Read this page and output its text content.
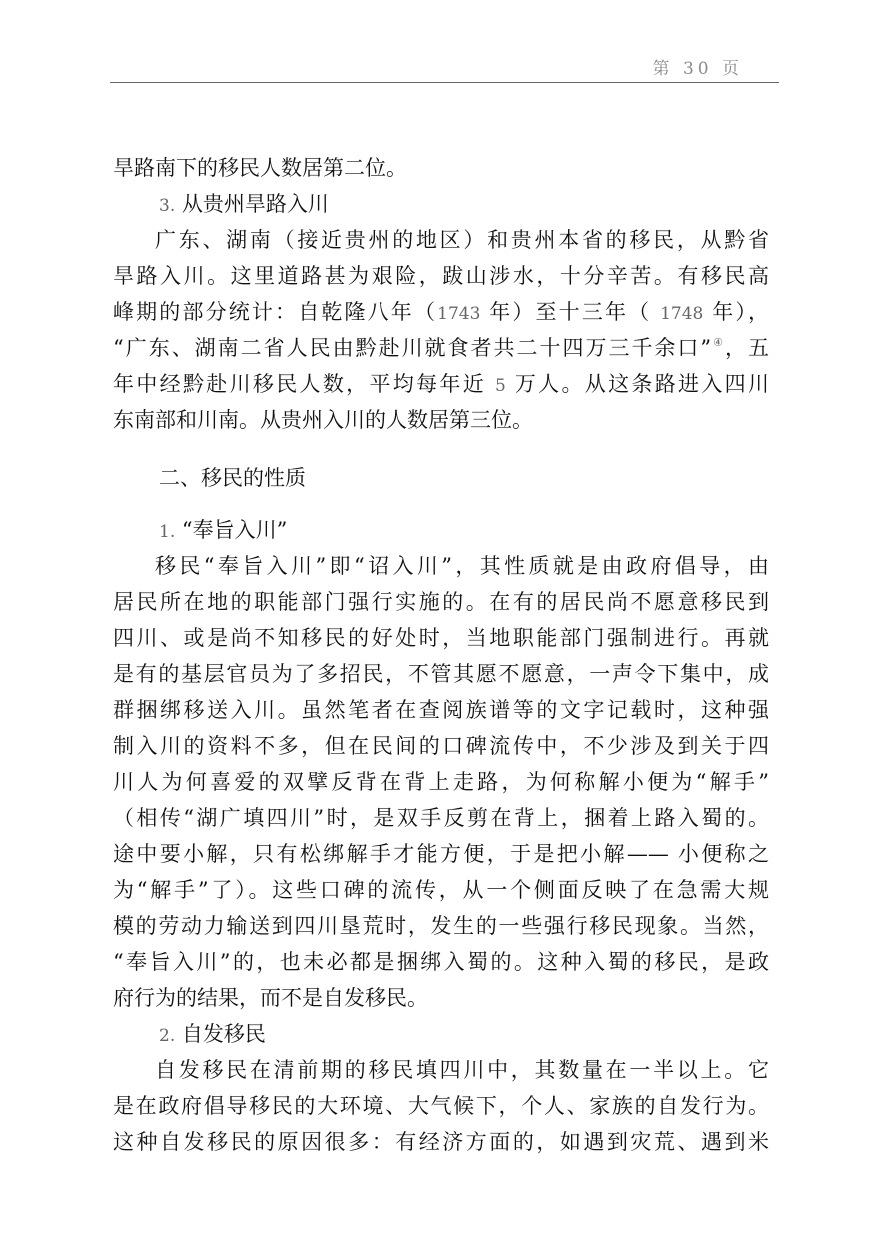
第 30 页
旱路南下的移民人数居第二位。
3. 从贵州旱路入川
广东、湖南（接近贵州的地区）和贵州本省的移民，从黔省
旱路入川。这里道路甚为艰险，跋山涉水，十分辛苦。有移民高
峰期的部分统计：自乾隆八年（1743 年）至十三年（ 1748 年），
“广东、湖南二省人民由黔赴川就食者共二十四万三千余口”④，五
年中经黔赴川移民人数，平均每年近 5 万人。从这条路进入四川
东南部和川南。从贵州入川的人数居第三位。
二、移民的性质
1. “奉旨入川”
移民“奉旨入川”即“诏入川”，其性质就是由政府倡导，由
居民所在地的职能部门强行实施的。在有的居民尚不愿意移民到
四川、或是尚不知移民的好处时，当地职能部门强制进行。再就
是有的基层官员为了多招民，不管其愿不愿意，一声令下集中，成
群捆绑移送入川。虽然笔者在查阅族谱等的文字记载时，这种强
制入川的资料不多，但在民间的口碑流传中，不少涉及到关于四
川人为何喜爱的双擘反背在背上走路，为何称解小便为“解手”
（相传“湖广填四川”时，是双手反剪在背上，捆着上路入蜀的。
途中要小解，只有松绑解手才能方便，于是把小解—— 小便称之
为“解手”了）。这些口碑的流传，从一个侧面反映了在急需大规
模的劳动力输送到四川垦荒时，发生的一些强行移民现象。当然，
“奉旨入川”的，也未必都是捆绑入蜀的。这种入蜀的移民，是政
府行为的结果，而不是自发移民。
2. 自发移民
自发移民在清前期的移民填四川中，其数量在一半以上。它
是在政府倡导移民的大环境、大气候下，个人、家族的自发行为。
这种自发移民的原因很多：有经济方面的，如遇到灾荒、遇到米
